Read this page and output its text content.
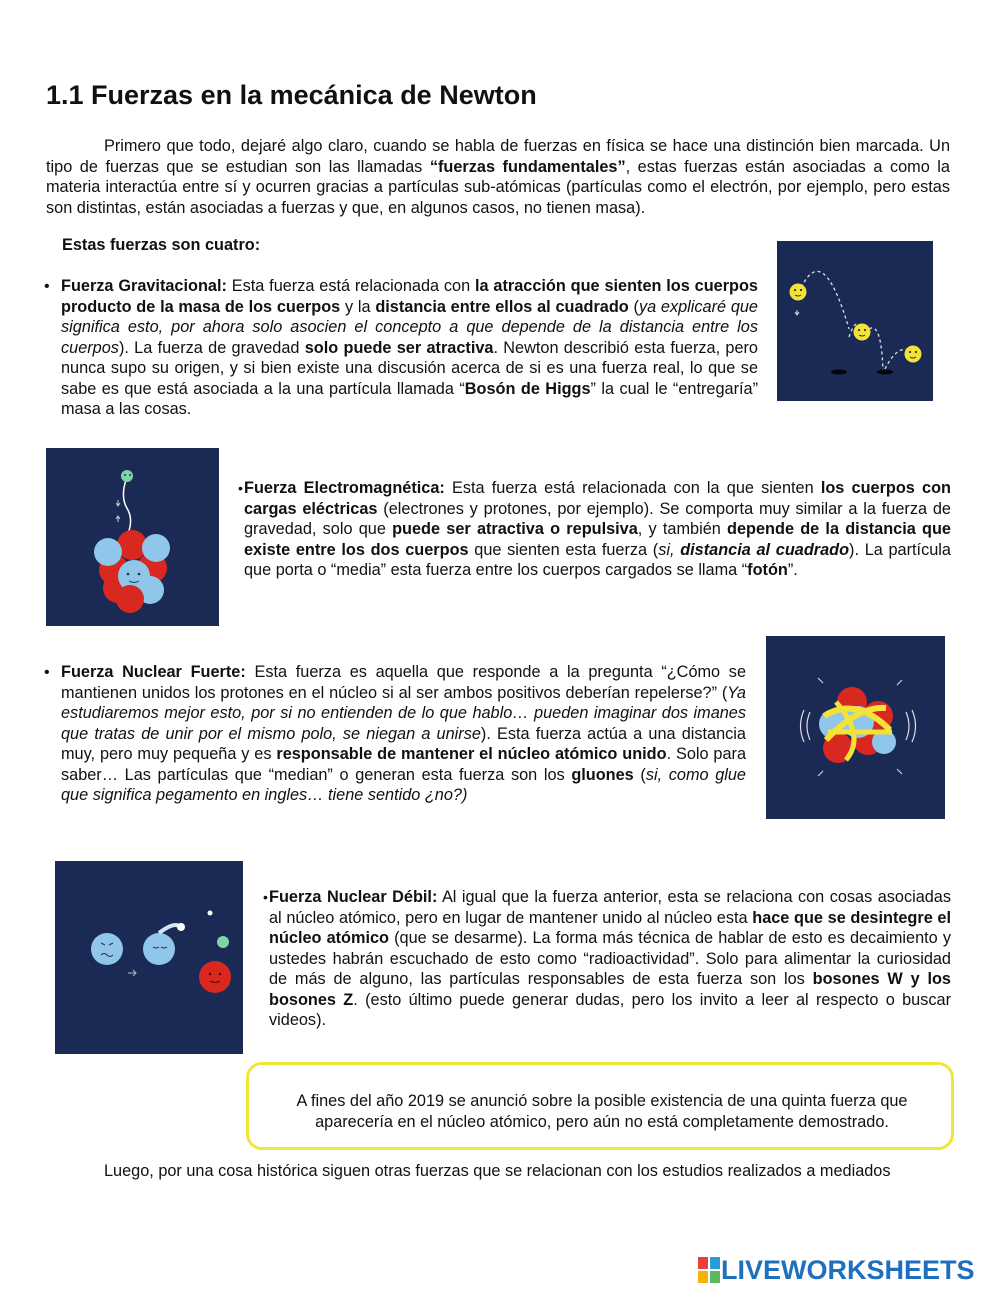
1.1 Fuerzas en la mecánica de Newton

Primero que todo, dejaré algo claro, cuando se habla de fuerzas en física se hace una distinción bien marcada. Un tipo de fuerzas que se estudian son las llamadas “fuerzas fundamentales”, estas fuerzas están asociadas a como la materia interactúa entre sí y ocurren gracias a partículas sub-atómicas (partículas como el electrón, por ejemplo, pero estas son distintas, están asociadas a fuerzas y que, en algunos casos, no tienen masa).

Estas fuerzas son cuatro:
• Fuerza Gravitacional: Esta fuerza está relacionada con la atracción que sienten los cuerpos producto de la masa de los cuerpos y la distancia entre ellos al cuadrado (ya explicaré que significa esto, por ahora solo asocien el concepto a que depende de la distancia entre los cuerpos). La fuerza de gravedad solo puede ser atractiva. Newton describió esta fuerza, pero nunca supo su origen, y si bien existe una discusión acerca de si es una fuerza real, lo que se sabe es que está asociada a la una partícula llamada “Bosón de Higgs” la cual le “entregaría” masa a las cosas.

• Fuerza Electromagnética: Esta fuerza está relacionada con la que sienten los cuerpos con cargas eléctricas (electrones y protones, por ejemplo). Se comporta muy similar a la fuerza de gravedad, solo que puede ser atractiva o repulsiva, y también depende de la distancia que existe entre los dos cuerpos que sienten esta fuerza (si, distancia al cuadrado). La partícula que porta o “media” esta fuerza entre los cuerpos cargados se llama “fotón”.

• Fuerza Nuclear Fuerte: Esta fuerza es aquella que responde a la pregunta “¿Cómo se mantienen unidos los protones en el núcleo si al ser ambos positivos deberían repelerse?” (Ya estudiaremos mejor esto, por si no entienden de lo que hablo… pueden imaginar dos imanes que tratas de unir por el mismo polo, se niegan a unirse). Esta fuerza actúa a una distancia muy, pero muy pequeña y es responsable de mantener el núcleo atómico unido. Solo para saber… Las partículas que “median” o generan esta fuerza son los gluones (si, como glue que significa pegamento en ingles… tiene sentido ¿no?)

• Fuerza Nuclear Débil: Al igual que la fuerza anterior, esta se relaciona con cosas asociadas al núcleo atómico, pero en lugar de mantener unido al núcleo esta hace que se desintegre el núcleo atómico (que se desarme). La forma más técnica de hablar de esto es decaimiento y ustedes habrán escuchado de esto como “radioactividad”. Solo para alimentar la curiosidad de más de alguno, las partículas responsables de esta fuerza son los bosones W y los bosones Z. (esto último puede generar dudas, pero los invito a leer al respecto o buscar videos).

A fines del año 2019 se anunció sobre la posible existencia de una quinta fuerza que aparecería en el núcleo atómico, pero aún no está completamente demostrado.

Luego, por una cosa histórica siguen otras fuerzas que se relacionan con los estudios realizados a mediados

LIVEWORKSHEETS
